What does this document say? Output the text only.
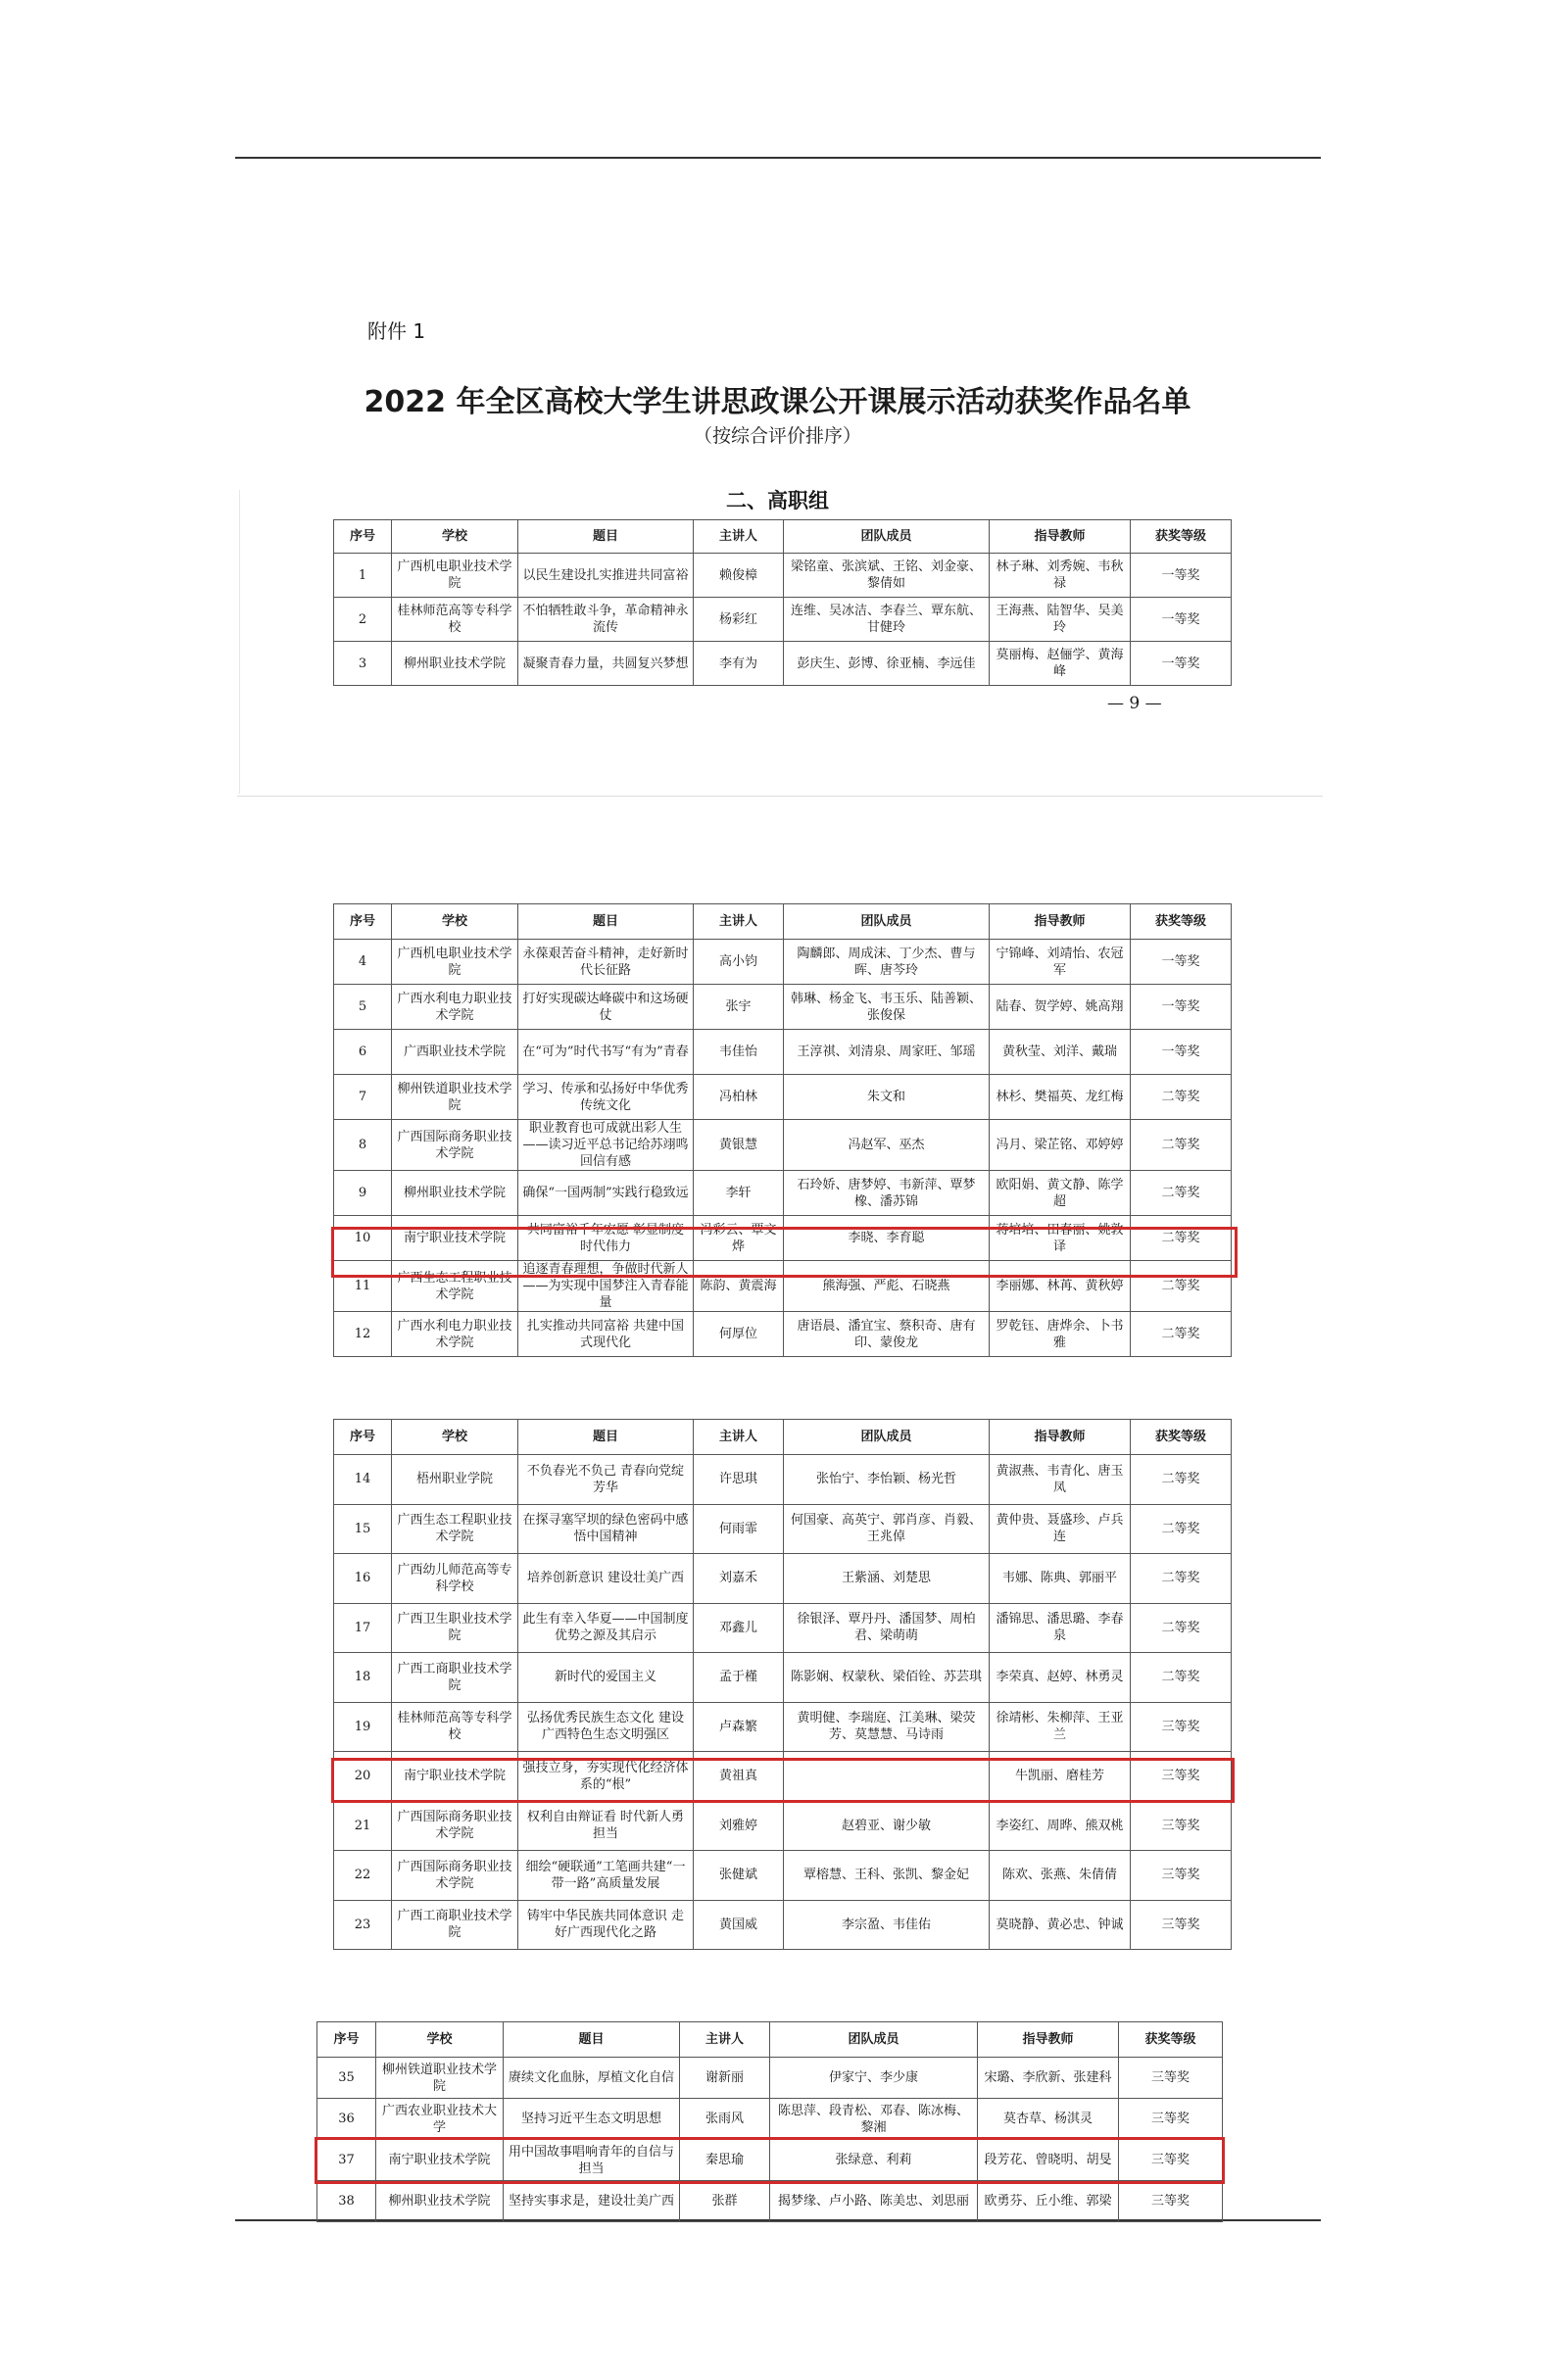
附件 1
2022 年全区高校大学生讲思政课公开课展示活动获奖作品名单
（按综合评价排序）
二、高职组
— 9 —
序号	学校	题目	主讲人	团队成员	指导教师	获奖等级
1	广西机电职业技术学院	以民生建设扎实推进共同富裕	赖俊樟	梁铭童、张滨斌、王铭、刘金豪、黎倩如	林子琳、刘秀婉、韦秋禄	一等奖
2	桂林师范高等专科学校	不怕牺牲敢斗争，革命精神永流传	杨彩红	连维、吴冰洁、李春兰、覃东航、甘健玲	王海燕、陆智华、吴美玲	一等奖
3	柳州职业技术学院	凝聚青春力量，共圆复兴梦想	李有为	彭庆生、彭博、徐亚楠、李远佳	莫丽梅、赵俪学、黄海峰	一等奖
序号	学校	题目	主讲人	团队成员	指导教师	获奖等级
4	广西机电职业技术学院	永葆艰苦奋斗精神，走好新时代长征路	高小钧	陶麟郎、周成沫、丁少杰、曹与晖、唐芩玲	宁锦峰、刘靖怡、农冠军	一等奖
5	广西水利电力职业技术学院	打好实现碳达峰碳中和这场硬仗	张宇	韩琳、杨金飞、韦玉乐、陆善颖、张俊保	陆春、贺学婷、姚高翔	一等奖
6	广西职业技术学院	在“可为”时代书写“有为”青春	韦佳怡	王淳祺、刘清泉、周家旺、邹瑶	黄秋莹、刘洋、戴瑞	一等奖
7	柳州铁道职业技术学院	学习、传承和弘扬好中华优秀传统文化	冯柏林	朱文和	林杉、樊福英、龙红梅	二等奖
8	广西国际商务职业技术学院	职业教育也可成就出彩人生——读习近平总书记给苏翊鸣回信有感	黄银慧	冯赵军、巫杰	冯月、梁芷铭、邓婷婷	二等奖
9	柳州职业技术学院	确保“一国两制”实践行稳致远	李轩	石玲娇、唐梦婷、韦新萍、覃梦橡、潘苏锦	欧阳娟、黄文静、陈学超	二等奖
10	南宁职业技术学院	共同富裕千年宏愿 彰显制度时代伟力	冯彩云、覃文烨	李晓、李育聪	蒋培培、田春丽、姚敦译	二等奖
11	广西生态工程职业技术学院	追逐青春理想，争做时代新人 ——为实现中国梦注入青春能量	陈韵、黄震海	熊海强、严彪、石晓燕	李丽娜、林苒、黄秋婷	二等奖
12	广西水利电力职业技术学院	扎实推动共同富裕 共建中国式现代化	何厚位	唐语晨、潘宜宝、蔡积奇、唐有印、蒙俊龙	罗乾钰、唐烨余、卜书雅	二等奖
序号	学校	题目	主讲人	团队成员	指导教师	获奖等级
14	梧州职业学院	不负春光不负己 青春向党绽芳华	许思琪	张怡宁、李怡颖、杨光哲	黄淑燕、韦青化、唐玉凤	二等奖
15	广西生态工程职业技术学院	在探寻塞罕坝的绿色密码中感悟中国精神	何雨霏	何国豪、高英宁、郭肖彦、肖毅、王兆倬	黄仲贵、聂盛珍、卢兵连	二等奖
16	广西幼儿师范高等专科学校	培养创新意识 建设壮美广西	刘嘉禾	王紫涵、刘楚思	韦娜、陈典、郭丽平	二等奖
17	广西卫生职业技术学院	此生有幸入华夏——中国制度优势之源及其启示	邓鑫儿	徐银泽、覃丹丹、潘国梦、周柏君、梁萌萌	潘锦思、潘思璐、李春泉	二等奖
18	广西工商职业技术学院	新时代的爱国主义	孟于槿	陈影娴、权蒙秋、梁佰铨、苏芸琪	李荣真、赵婷、林勇灵	二等奖
19	桂林师范高等专科学校	弘扬优秀民族生态文化 建设广西特色生态文明强区	卢森繁	黄明健、李瑞庭、江美琳、梁荧芳、莫慧慧、马诗雨	徐靖彬、朱柳萍、王亚兰	三等奖
20	南宁职业技术学院	强技立身，夯实现代化经济体系的“根”	黄祖真		牛凯丽、磨桂芳	三等奖
21	广西国际商务职业技术学院	权利自由辩证看 时代新人勇担当	刘雅婷	赵碧亚、谢少敏	李姿红、周晔、熊双桃	三等奖
22	广西国际商务职业技术学院	细绘“硬联通”工笔画共建“一带一路”高质量发展	张健斌	覃榕慧、王科、张凯、黎金妃	陈欢、张燕、朱倩倩	三等奖
23	广西工商职业技术学院	铸牢中华民族共同体意识 走好广西现代化之路	黄国威	李宗盈、韦佳佑	莫晓静、黄必忠、钟诚	三等奖
序号	学校	题目	主讲人	团队成员	指导教师	获奖等级
35	柳州铁道职业技术学院	赓续文化血脉，厚植文化自信	谢新丽	伊家宁、李少康	宋璐、李欣新、张建科	三等奖
36	广西农业职业技术大学	坚持习近平生态文明思想	张雨风	陈思萍、段青松、邓春、陈冰梅、黎湘	莫杏草、杨淇灵	三等奖
37	南宁职业技术学院	用中国故事唱响青年的自信与担当	秦思瑜	张绿意、利莉	段芳花、曾晓明、胡旻	三等奖
38	柳州职业技术学院	坚持实事求是，建设壮美广西	张群	揭梦缘、卢小路、陈美忠、刘思丽	欧勇芬、丘小维、郭梁	三等奖
